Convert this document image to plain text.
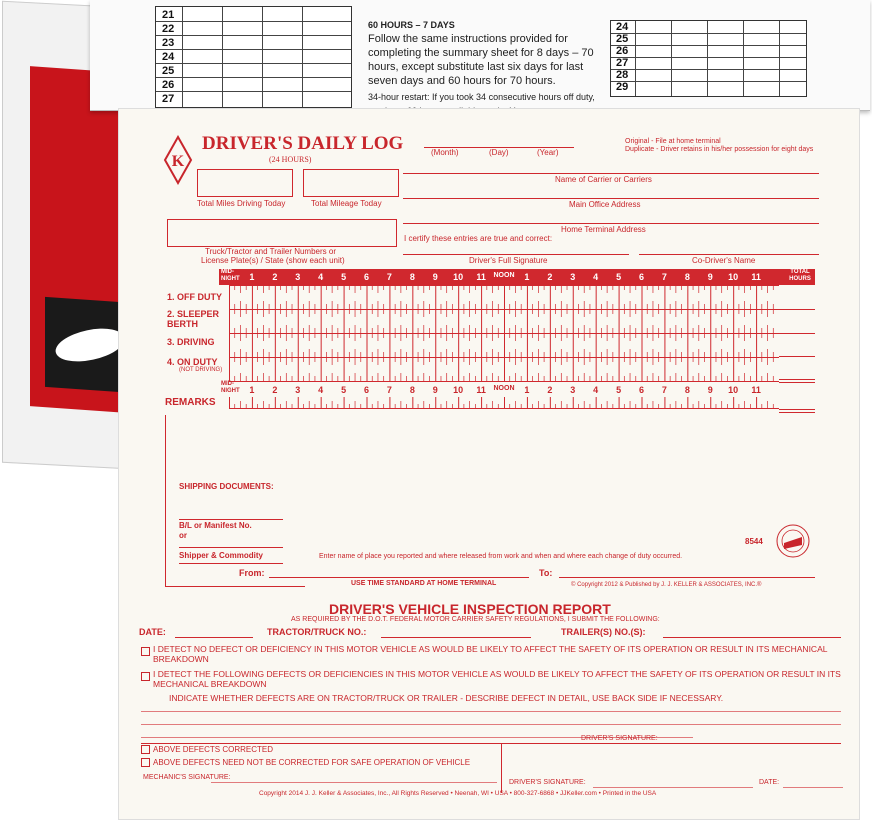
21
22
23
24
25
26
27
60 HOURS – 7 DAYS
Follow the same instructions provided for completing the summary sheet for 8 days – 70 hours, except substitute last six days for last seven days and 60 hours for 70 hours.
34-hour restart: If you took 34 consecutive hours off duty,
24
25
26
27
28
29
K
DRIVER'S DAILY LOG
(24 HOURS)
(Month)	(Day)	(Year)
Original - File at home terminal
Duplicate - Driver retains in his/her possession for eight days
Total Miles Driving Today	Total Mileage Today
Name of Carrier or Carriers
Main Office Address
Truck/Tractor and Trailer Numbers or
License Plate(s) / State (show each unit)
Home Terminal Address
I certify these entries are true and correct:
Driver's Full Signature	Co-Driver's Name
MID-NIGHT
TOTAL HOURS
1. OFF DUTY
2. SLEEPER BERTH
3. DRIVING
4. ON DUTY
(NOT DRIVING)
MID-NIGHT
REMARKS
SHIPPING DOCUMENTS:
B/L or Manifest No.
or
Shipper & Commodity
8544
Enter name of place you reported and where released from work and when and where each change of duty occurred.
From:	To:
USE TIME STANDARD AT HOME TERMINAL	© Copyright 2012 & Published by J. J. KELLER & ASSOCIATES, INC.®
DRIVER'S VEHICLE INSPECTION REPORT
AS REQUIRED BY THE D.O.T. FEDERAL MOTOR CARRIER SAFETY REGULATIONS, I SUBMIT THE FOLLOWING:
DATE:	TRACTOR/TRUCK NO.:	TRAILER(S) NO.(S):
I DETECT NO DEFECT OR DEFICIENCY IN THIS MOTOR VEHICLE AS WOULD BE LIKELY TO AFFECT THE SAFETY OF ITS OPERATION OR RESULT IN ITS MECHANICAL BREAKDOWN
I DETECT THE FOLLOWING DEFECTS OR DEFICIENCIES IN THIS MOTOR VEHICLE AS WOULD BE LIKELY TO AFFECT THE SAFETY OF ITS OPERATION OR RESULT IN ITS MECHANICAL BREAKDOWN
INDICATE WHETHER DEFECTS ARE ON TRACTOR/TRUCK OR TRAILER - DESCRIBE DEFECT IN DETAIL, USE BACK SIDE IF NECESSARY.
DRIVER'S SIGNATURE:
ABOVE DEFECTS CORRECTED
ABOVE DEFECTS NEED NOT BE CORRECTED FOR SAFE OPERATION OF VEHICLE
MECHANIC'S SIGNATURE:
DRIVER'S SIGNATURE:	DATE:
Copyright 2014 J. J. Keller & Associates, Inc., All Rights Reserved • Neenah, WI • USA • 800-327-6868 • JJKeller.com • Printed in the USA
1	2	3	4	5	6	7	8	9	10 11	NOON	1	2	3	4	5	6	7	8	9	10 11
1	2	3	4	5	6	7	8	9	10 11	NOON	1	2	3	4	5	6	7	8	9	10 11
